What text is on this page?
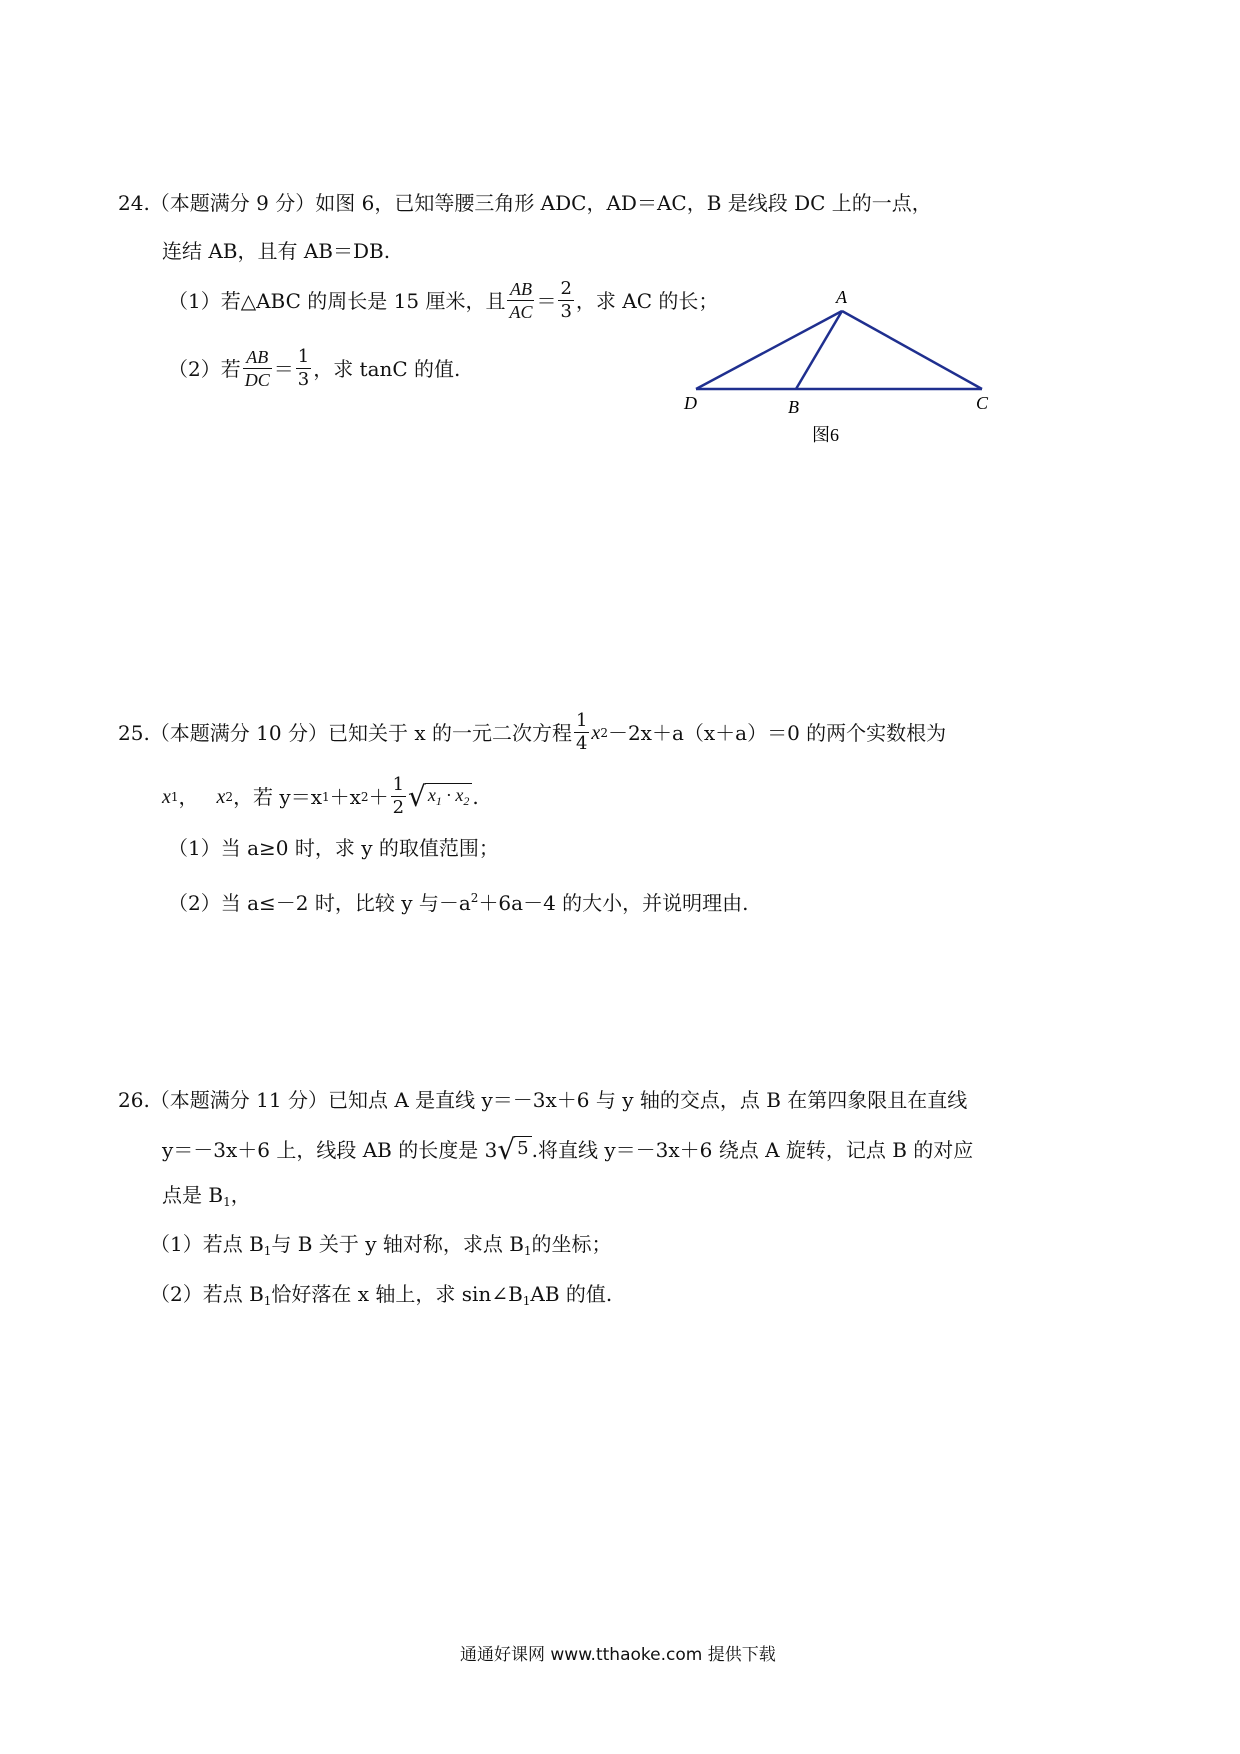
24.（本题满分 9 分）如图 6，已知等腰三角形 ADC，AD＝AC，B 是线段 DC 上的一点，
连结 AB，且有 AB＝DB.
（1）若△ABC 的周长是 15 厘米，且 $\frac{AB}{AC} = \frac{2}{3}$ ，求 AC 的长；
（2）若 $\frac{AB}{DC} = \frac{1}{3}$ ，求 tanC 的值.
A
D	B	C
图6
25.（本题满分 10 分）已知关于 x 的一元二次方程 $\frac{1}{4}$ x 2 －2x＋a（x＋a）＝0 的两个实数根为
x 1 ， x 2 ，若 y＝x 1 ＋x $2 + \frac{1}{2}$ √ $x_1 \cdot x_2$ .
（1）当 a≥0 时，求 y 的取值范围；
（2）当 a≤－2 时，比较 y 与$-a^2+6a-4$ 的大小，并说明理由.
26.（本题满分 11 分）已知点 A 是直线 y＝－3x＋6 与 y 轴的交点，点 B 在第四象限且在直线
y＝－3x＋6 上，线段 AB 的长度是 3 √ 5 .将直线 y＝－3x＋6 绕点 A 旋转，记点 B 的对应
点是 $B_1$，
（1）若点 $B_1$与 B 关于 y 轴对称，求点 $B_1$的坐标；
（2）若点 $B_1$恰好落在 x 轴上，求 $\sin\angle B_1AB$ 的值.
通通好课网 www.tthaoke.com 提供下载
